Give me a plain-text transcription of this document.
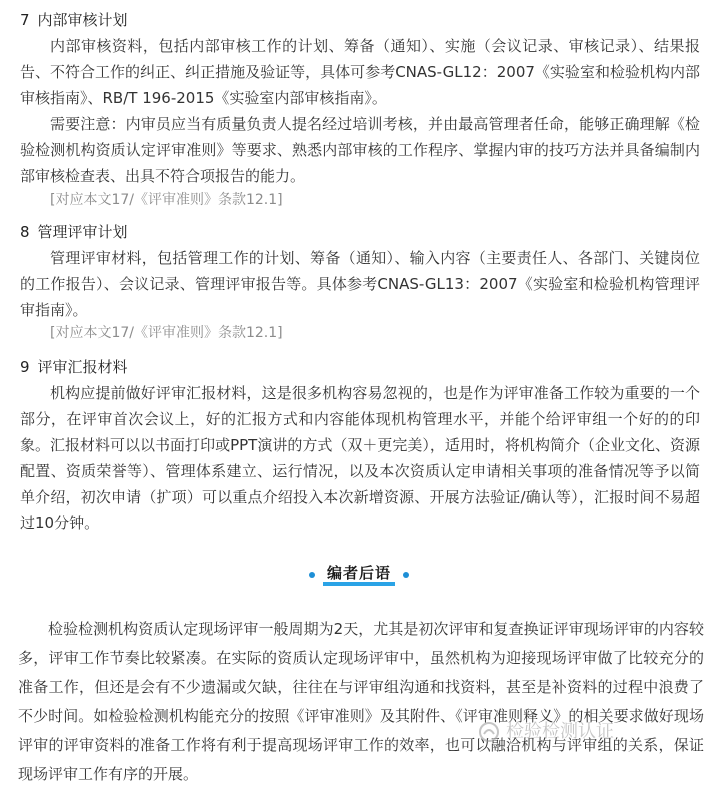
7 内部审核计划
内部审核资料，包括内部审核工作的计划、筹备（通知）、实施（会议记录、审核记录）、结果报告、不符合工作的纠正、纠正措施及验证等，具体可参考CNAS-GL12：2007《实验室和检验机构内部审核指南》、RB/T 196-2015《实验室内部审核指南》。
需要注意：内审员应当有质量负责人提名经过培训考核，并由最高管理者任命，能够正确理解《检验检测机构资质认定评审准则》等要求、熟悉内部审核的工作程序、掌握内审的技巧方法并具备编制内部审核检查表、出具不符合项报告的能力。
[对应本文17/《评审准则》条款12.1]
8 管理评审计划
管理评审材料，包括管理工作的计划、筹备（通知）、输入内容（主要责任人、各部门、关键岗位的工作报告）、会议记录、管理评审报告等。具体参考CNAS-GL13：2007《实验室和检验机构管理评审指南》。
[对应本文17/《评审准则》条款12.1]
9 评审汇报材料
机构应提前做好评审汇报材料，这是很多机构容易忽视的，也是作为评审准备工作较为重要的一个部分，在评审首次会议上，好的汇报方式和内容能体现机构管理水平，并能个给评审组一个好的的印象。汇报材料可以以书面打印或PPT演讲的方式（双＋更完美），适用时，将机构简介（企业文化、资源配置、资质荣誉等）、管理体系建立、运行情况，以及本次资质认定申请相关事项的准备情况等予以简单介绍，初次申请（扩项）可以重点介绍投入本次新增资源、开展方法验证/确认等），汇报时间不易超过10分钟。
编者后语
检验检测机构资质认定现场评审一般周期为2天，尤其是初次评审和复查换证评审现场评审的内容较多，评审工作节奏比较紧凑。在实际的资质认定现场评审中，虽然机构为迎接现场评审做了比较充分的准备工作，但还是会有不少遗漏或欠缺，往往在与评审组沟通和找资料，甚至是补资料的过程中浪费了不少时间。如检验检测机构能充分的按照《评审准则》及其附件、《评审准则释义》的相关要求做好现场评审的评审资料的准备工作将有利于提高现场评审工作的效率，也可以融洽机构与评审组的关系，保证现场评审工作有序的开展。
检验检测认证
